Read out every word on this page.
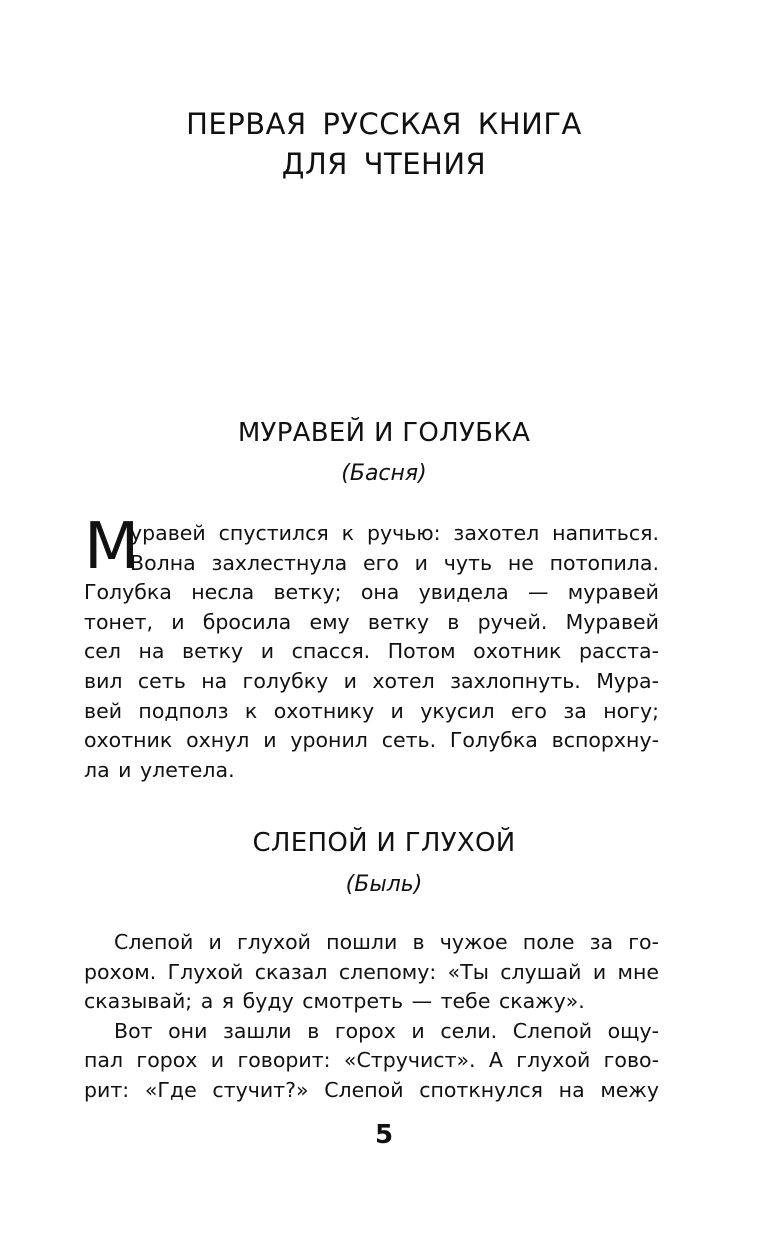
ПЕРВАЯ РУССКАЯ КНИГА
ДЛЯ ЧТЕНИЯ
МУРАВЕЙ И ГОЛУБКА
(Басня)
М
уравей спустился к ручью: захотел напиться.
Волна захлестнула его и чуть не потопила.
Голубка несла ветку; она увидела — муравей
тонет, и бросила ему ветку в ручей. Муравей
сел на ветку и спасся. Потом охотник расста-
вил сеть на голубку и хотел захлопнуть. Мура-
вей подполз к охотнику и укусил его за ногу;
охотник охнул и уронил сеть. Голубка вспорхну-
ла и улетела.
СЛЕПОЙ И ГЛУХОЙ
(Быль)
Слепой и глухой пошли в чужое поле за го-
рохом. Глухой сказал слепому: «Ты слушай и мне
сказывай; а я буду смотреть — тебе скажу».
Вот они зашли в горох и сели. Слепой ощу-
пал горох и говорит: «Стручист». А глухой гово-
рит: «Где стучит?» Слепой споткнулся на межу
5
